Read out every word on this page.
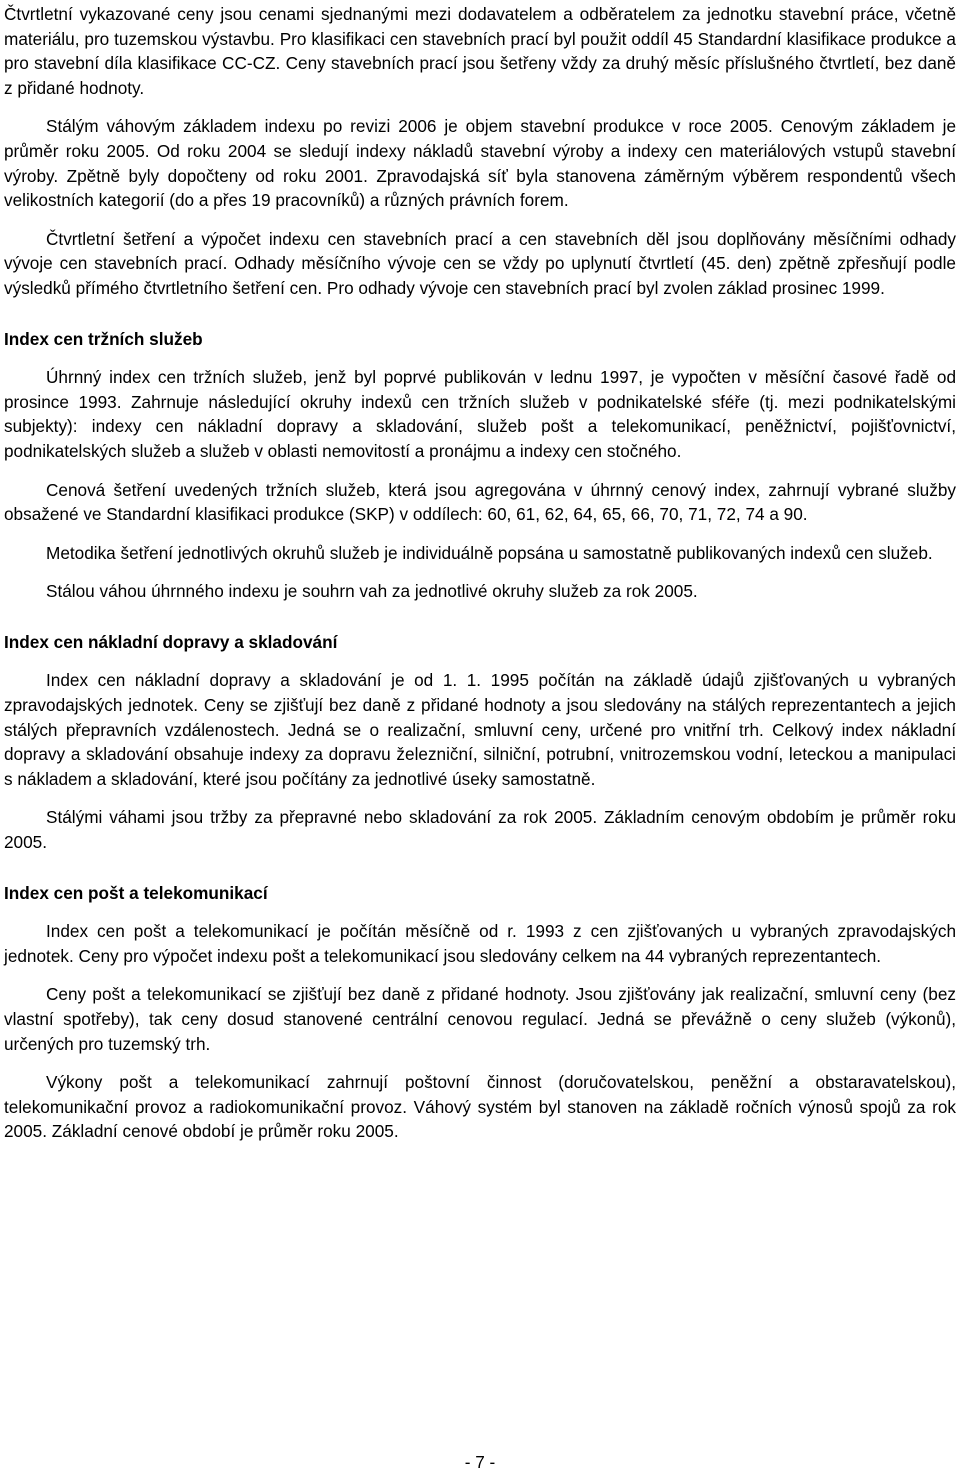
Čtvrtletní vykazované ceny jsou cenami sjednanými mezi dodavatelem a odběratelem za jednotku stavební práce, včetně materiálu, pro tuzemskou výstavbu. Pro klasifikaci cen stavebních prací byl použit oddíl 45 Standardní klasifikace produkce a pro stavební díla klasifikace CC-CZ. Ceny stavebních prací jsou šetřeny vždy za druhý měsíc příslušného čtvrtletí, bez daně z přidané hodnoty.

Stálým váhovým základem indexu po revizi 2006 je objem stavební produkce v roce 2005. Cenovým základem je průměr roku 2005. Od roku 2004 se sledují indexy nákladů stavební výroby a indexy cen materiálových vstupů stavební výroby. Zpětně byly dopočteny od roku 2001. Zpravodajská síť byla stanovena záměrným výběrem respondentů všech velikostních kategorií (do a přes 19 pracovníků) a různých právních forem.

Čtvrtletní šetření a výpočet indexu cen stavebních prací a cen stavebních děl jsou doplňovány měsíčními odhady vývoje cen stavebních prací. Odhady měsíčního vývoje cen se vždy po uplynutí čtvrtletí (45. den) zpětně zpřesňují podle výsledků přímého čtvrtletního šetření cen. Pro odhady vývoje cen stavebních prací byl zvolen základ prosinec 1999.

Index cen tržních služeb

Úhrnný index cen tržních služeb, jenž byl poprvé publikován v lednu 1997, je vypočten v měsíční časové řadě od prosince 1993. Zahrnuje následující okruhy indexů cen tržních služeb v podnikatelské sféře (tj. mezi podnikatelskými subjekty): indexy cen nákladní dopravy a skladování, služeb pošt a telekomunikací, peněžnictví, pojišťovnictví, podnikatelských služeb a služeb v oblasti nemovitostí a pronájmu a indexy cen stočného.

Cenová šetření uvedených tržních služeb, která jsou agregována v úhrnný cenový index, zahrnují vybrané služby obsažené ve Standardní klasifikaci produkce (SKP) v oddílech: 60, 61, 62, 64, 65, 66, 70, 71, 72, 74 a 90.

Metodika šetření jednotlivých okruhů služeb je individuálně popsána u samostatně publikovaných indexů cen služeb.

Stálou váhou úhrnného indexu je souhrn vah za jednotlivé okruhy služeb za rok 2005.

Index cen nákladní dopravy a skladování

Index cen nákladní dopravy a skladování je od 1. 1. 1995 počítán na základě údajů zjišťovaných u vybraných zpravodajských jednotek. Ceny se zjišťují bez daně z přidané hodnoty a jsou sledovány na stálých reprezentantech a jejich stálých přepravních vzdálenostech. Jedná se o realizační, smluvní ceny, určené pro vnitřní trh. Celkový index nákladní dopravy a skladování obsahuje indexy za dopravu železniční, silniční, potrubní, vnitrozemskou vodní, leteckou a manipulaci s nákladem a skladování, které jsou počítány za jednotlivé úseky samostatně.

Stálými váhami jsou tržby za přepravné nebo skladování za rok 2005. Základním cenovým obdobím je průměr roku 2005.

Index cen pošt a telekomunikací

Index cen pošt a telekomunikací je počítán měsíčně od r. 1993 z cen zjišťovaných u vybraných zpravodajských jednotek. Ceny pro výpočet indexu pošt a telekomunikací jsou sledovány celkem na 44 vybraných reprezentantech.

Ceny pošt a telekomunikací se zjišťují bez daně z přidané hodnoty. Jsou zjišťovány jak realizační, smluvní ceny (bez vlastní spotřeby), tak ceny dosud stanovené centrální cenovou regulací. Jedná se převážně o ceny služeb (výkonů), určených pro tuzemský trh.

Výkony pošt a telekomunikací zahrnují poštovní činnost (doručovatelskou, peněžní a obstaravatelskou), telekomunikační provoz a radiokomunikační provoz. Váhový systém byl stanoven na základě ročních výnosů spojů za rok 2005. Základní cenové období je průměr roku 2005.

- 7 -
